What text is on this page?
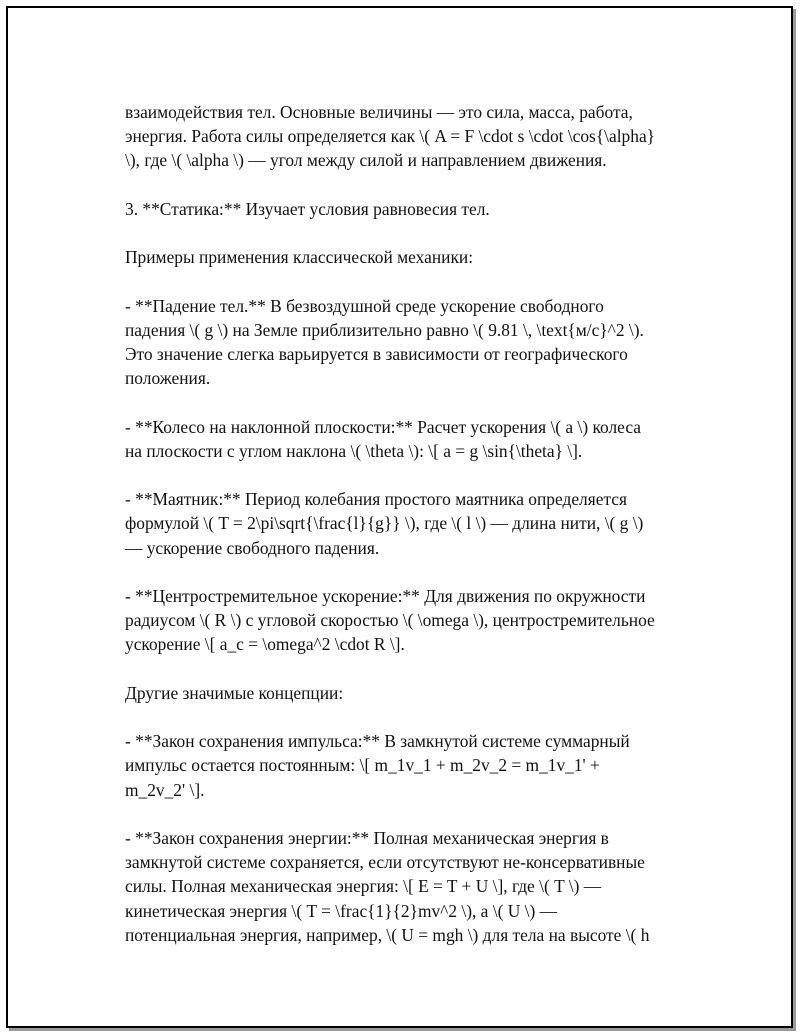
взаимодействия тел. Основные величины — это сила, масса, работа,
энергия. Работа силы определяется как \( A = F \cdot s \cdot \cos{\alpha}
\), где \( \alpha \) — угол между силой и направлением движения.
3. **Статика:** Изучает условия равновесия тел.
Примеры применения классической механики:
- **Падение тел.** В безвоздушной среде ускорение свободного
падения \( g \) на Земле приблизительно равно \( 9.81 \, \text{м/с}^2 \).
Это значение слегка варьируется в зависимости от географического
положения.
- **Колесо на наклонной плоскости:** Расчет ускорения \( a \) колеса
на плоскости с углом наклона \( \theta \): \[ a = g \sin{\theta} \].
- **Маятник:** Период колебания простого маятника определяется
формулой \( T = 2\pi\sqrt{\frac{l}{g}} \), где \( l \) — длина нити, \( g \)
— ускорение свободного падения.
- **Центростремительное ускорение:** Для движения по окружности
радиусом \( R \) с угловой скоростью \( \omega \), центростремительное
ускорение \[ a_c = \omega^2 \cdot R \].
Другие значимые концепции:
- **Закон сохранения импульса:** В замкнутой системе суммарный
импульс остается постоянным: \[ m_1v_1 + m_2v_2 = m_1v_1' +
m_2v_2' \].
- **Закон сохранения энергии:** Полная механическая энергия в
замкнутой системе сохраняется, если отсутствуют не-консервативные
силы. Полная механическая энергия: \[ E = T + U \], где \( T \) —
кинетическая энергия \( T = \frac{1}{2}mv^2 \), а \( U \) —
потенциальная энергия, например, \( U = mgh \) для тела на высоте \( h
